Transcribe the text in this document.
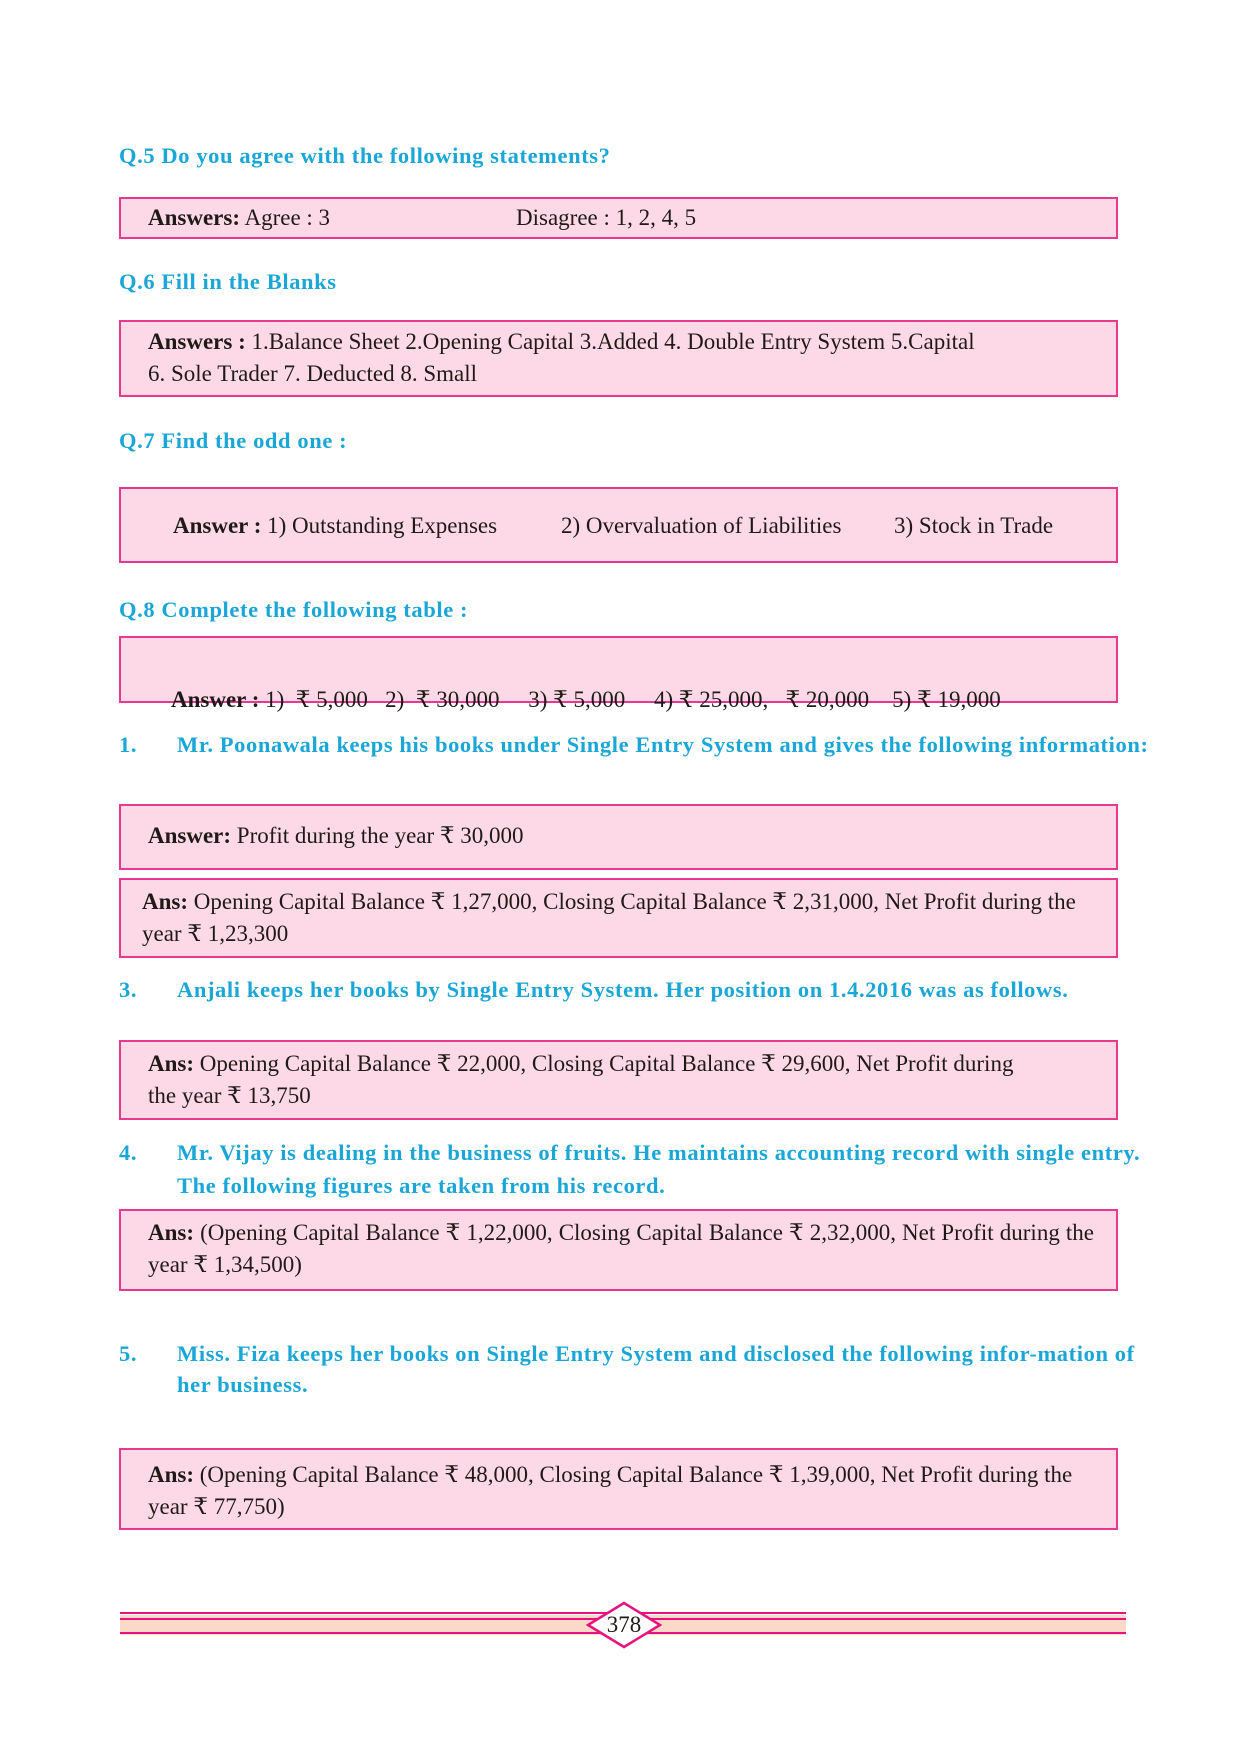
Q.5 Do you agree with the following statements?
Answers: Agree : 3	Disagree : 1, 2, 4, 5
Q.6 Fill in the Blanks
Answers : 1.Balance Sheet 2.Opening Capital 3.Added 4. Double Entry System 5.Capital
6. Sole Trader 7. Deducted 8. Small
Q.7 Find the odd one :
Answer : 1) Outstanding Expenses	2) Overvaluation of Liabilities 3) Stock in Trade
Q.8 Complete the following table :

Answer : 1)  ₹ 5,000   2)  ₹ 30,000     3) ₹ 5,000     4) ₹ 25,000,   ₹ 20,000    5) ₹ 19,000

1. Mr. Poonawala keeps his books under Single Entry System and gives the following information:
Answer: Profit during the year ₹ 30,000
Ans: Opening Capital Balance ₹ 1,27,000, Closing Capital Balance ₹ 2,31,000, Net Profit during the year ₹ 1,23,300
3. Anjali keeps her books by Single Entry System. Her position on 1.4.2016 was as follows.
Ans: Opening Capital Balance ₹ 22,000, Closing Capital Balance ₹ 29,600, Net Profit during the year ₹ 13,750
4. Mr. Vijay is dealing in the business of fruits. He maintains accounting record with single entry. The following figures are taken from his record.
Ans: (Opening Capital Balance ₹ 1,22,000, Closing Capital Balance ₹ 2,32,000, Net Profit during the year ₹ 1,34,500)
5. Miss. Fiza keeps her books on Single Entry System and disclosed the following infor-mation of her business.
Ans: (Opening Capital Balance ₹ 48,000, Closing Capital Balance ₹ 1,39,000, Net Profit during the year ₹ 77,750)
378
